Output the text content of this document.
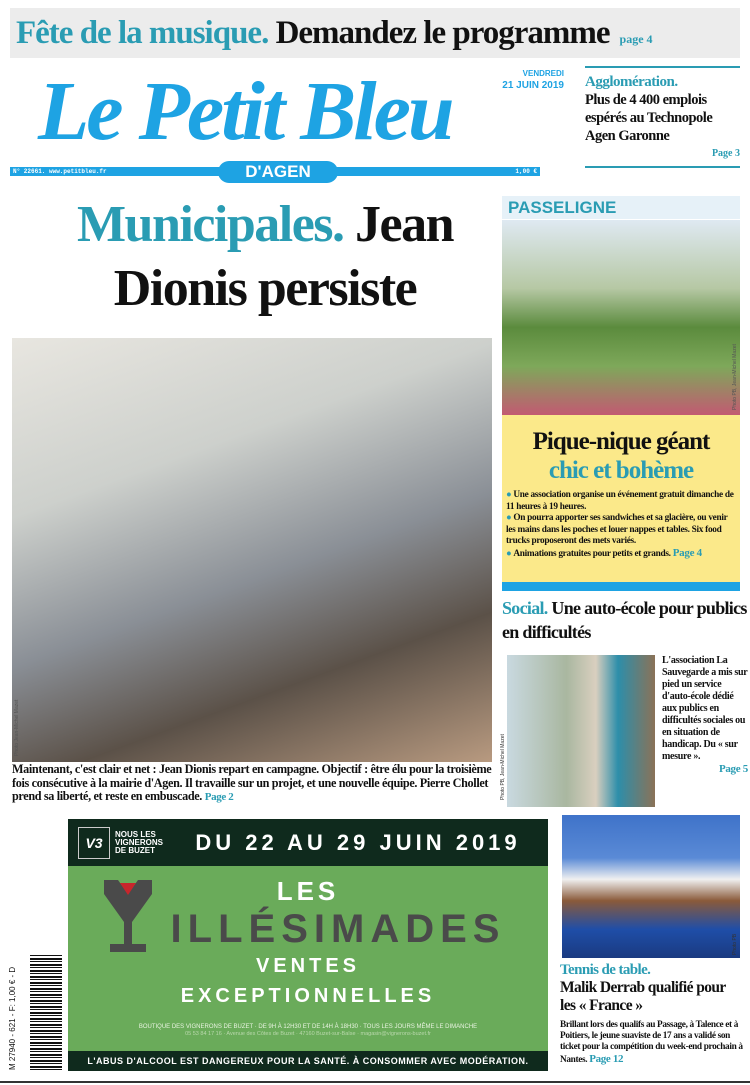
Fête de la musique.
Demandez le programme page 4
Le Petit Bleu	VENDREDI
21 JUIN 2019
N° 22661. www.petitbleu.fr	1,00 €
D'AGEN
Agglomération.
Plus de 4 400 emplois espérés au Technopole Agen Garonne
Page 3
Municipales. Jean
Dionis persiste
Photo Jean-Michel Mazet
Maintenant, c'est clair et net : Jean Dionis repart en campagne. Objectif : être élu pour la troisième fois consécutive à la mairie d'Agen. Il travaille sur un projet, et une nouvelle équipe. Pierre Chollet prend sa liberté, et reste en embuscade. Page 2
PASSELIGNE
Photo PB, Jean-Michel Mazet
Pique-nique géant
chic et bohème
● Une association organise un événement gratuit dimanche de 11 heures à 19 heures.
● On pourra apporter ses sandwiches et sa glacière, ou venir les mains dans les poches et louer nappes et tables. Six food trucks proposeront des mets variés.
● Animations gratuites pour petits et grands. Page 4
Social. Une auto-école pour publics en difficultés
Photo PB, Jean-Michel Mazet
L'association La Sauvegarde a mis sur pied un service d'auto-école dédié aux publics en difficultés sociales ou en situation de handicap. Du « sur mesure ».
Page 5
V3
NOUS LES VIGNERONS DE BUZET	DU 22 AU 29 JUIN 2019
LES
ILLÉSIMADES
VENTES
EXCEPTIONNELLES
BOUTIQUE DES VIGNERONS DE BUZET · DE 9H À 12H30 ET DE 14H À 18H30 · TOUS LES JOURS MÊME LE DIMANCHE
05 53 84 17 16 · Avenue des Côtes de Buzet · 47160 Buzet-sur-Baïse · magasin@vignerons-buzet.fr
L'ABUS D'ALCOOL EST DANGEREUX POUR LA SANTÉ. À CONSOMMER AVEC MODÉRATION.
M 27940 - 621 - F: 1,00 € - D
Photo PB
Tennis de table.
Malik Derrab qualifié pour les « France »
Brillant lors des qualifs au Passage, à Talence et à Poitiers, le jeune suaviste de 17 ans a validé son ticket pour la compétition du week-end prochain à Nantes. Page 12
